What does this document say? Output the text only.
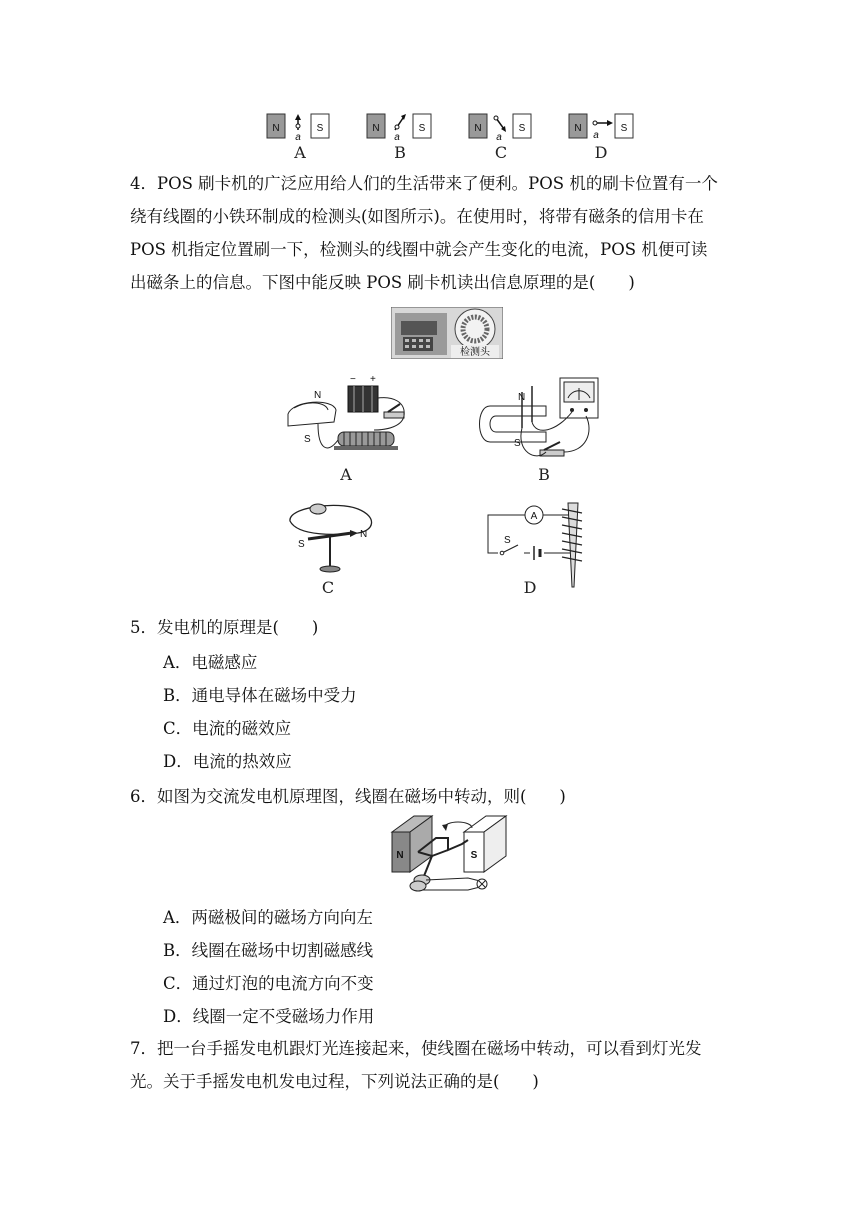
N	S
a
A
N	S
a
B
N	S
a
C
N	S
a
D
4．POS 刷卡机的广泛应用给人们的生活带来了便利。POS 机的刷卡位置有一个
绕有线圈的小铁环制成的检测头(如图所示)。在使用时，将带有磁条的信用卡在
POS 机指定位置刷一下，检测头的线圈中就会产生变化的电流，POS 机便可读
出磁条上的信息。下图中能反映 POS 刷卡机读出信息原理的是(　　)
检测头
N
S
− +
A
N
S
B
S
N
C
A
S
D
5．发电机的原理是(　　)
A．电磁感应
B．通电导体在磁场中受力
C．电流的磁效应
D．电流的热效应
6．如图为交流发电机原理图，线圈在磁场中转动，则(　　)
N	S
A．两磁极间的磁场方向向左
B．线圈在磁场中切割磁感线
C．通过灯泡的电流方向不变
D．线圈一定不受磁场力作用
7．把一台手摇发电机跟灯光连接起来，使线圈在磁场中转动，可以看到灯光发
光。关于手摇发电机发电过程，下列说法正确的是(　　)
